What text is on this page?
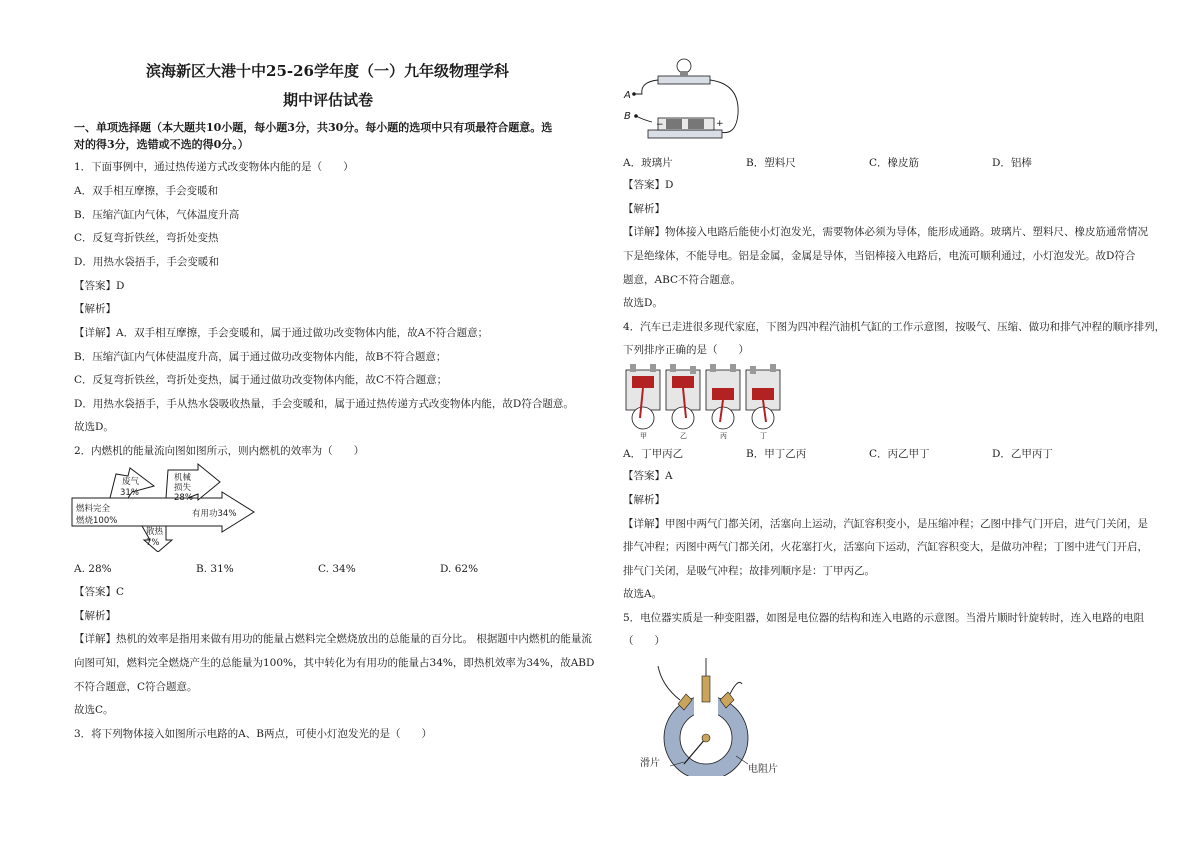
滨海新区大港十中25-26学年度（一）九年级物理学科
期中评估试卷
一、单项选择题（本大题共10小题，每小题3分，共30分。每小题的选项中只有项最符合题意。选
对的得3分，选错或不选的得0分。）
1．下面事例中，通过热传递方式改变物体内能的是（　　）
A．双手相互摩擦，手会变暖和
B．压缩汽缸内气体，气体温度升高
C．反复弯折铁丝，弯折处变热
D．用热水袋捂手，手会变暖和
【答案】D
【解析】
【详解】A．双手相互摩擦，手会变暖和，属于通过做功改变物体内能，故A不符合题意；
B．压缩汽缸内气体使温度升高，属于通过做功改变物体内能，故B不符合题意；
C．反复弯折铁丝，弯折处变热，属于通过做功改变物体内能，故C不符合题意；
D．用热水袋捂手，手从热水袋吸收热量，手会变暖和，属于通过热传递方式改变物体内能，故D符合题意。
故选D。
2．内燃机的能量流向图如图所示，则内燃机的效率为（　　）
燃料完全
燃烧100%
废气
31%
机械
损失
28%
有用功34%
散热
7%
A. 28%	B. 31%	C. 34%	D. 62%
【答案】C
【解析】
【详解】热机的效率是指用来做有用功的能量占燃料完全燃烧放出的总能量的百分比。 根据题中内燃机的能量流
向图可知，燃料完全燃烧产生的总能量为100%，其中转化为有用功的能量占34%，即热机效率为34%，故ABD
不符合题意，C符合题意。
故选C。
3．将下列物体接入如图所示电路的A、B两点，可使小灯泡发光的是（　　）
A
B
−	+
A．玻璃片	B．塑料尺	C．橡皮筋	D．铝棒
【答案】D
【解析】
【详解】物体接入电路后能使小灯泡发光，需要物体必须为导体，能形成通路。玻璃片、塑料尺、橡皮筋通常情况
下是绝缘体，不能导电。铝是金属，金属是导体，当铝棒接入电路后，电流可顺利通过，小灯泡发光。故D符合
题意，ABC不符合题意。
故选D。
4．汽车已走进很多现代家庭，下图为四冲程汽油机气缸的工作示意图，按吸气、压缩、做功和排气冲程的顺序排列，
下列排序正确的是（　　）
甲	乙	丙	丁
A．丁甲丙乙	B．甲丁乙丙	C．丙乙甲丁	D．乙甲丙丁
【答案】A
【解析】
【详解】甲图中两气门都关闭，活塞向上运动，汽缸容积变小，是压缩冲程；乙图中排气门开启，进气门关闭，是
排气冲程；丙图中两气门都关闭，火花塞打火，活塞向下运动，汽缸容积变大，是做功冲程；丁图中进气门开启，
排气门关闭，是吸气冲程；故排列顺序是：丁甲丙乙。
故选A。
5．电位器实质是一种变阻器，如图是电位器的结构和连入电路的示意图。当滑片顺时针旋转时，连入电路的电阻
（　　）
滑片
电阻片
